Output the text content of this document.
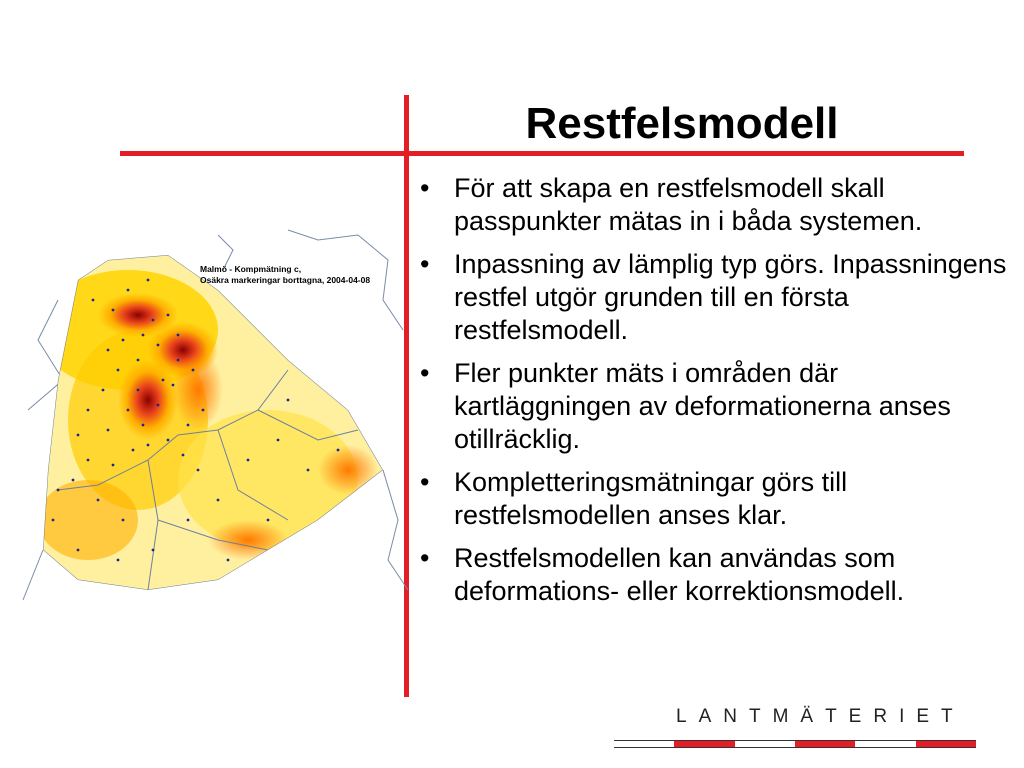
Restfelsmodell
• För att skapa en restfelsmodell skall passpunkter mätas in i båda systemen.
• Inpassning av lämplig typ görs. Inpassningens restfel utgör grunden till en första restfelsmodell.
• Fler punkter mäts i områden där kartläggningen av deformationerna anses otillräcklig.
• Kompletteringsmätningar görs till restfelsmodellen anses klar.
• Restfelsmodellen kan användas som deformations- eller korrektionsmodell.
Malmö - Kompmätning c,
Osäkra markeringar borttagna, 2004-04-08
LANTMÄTERIET
